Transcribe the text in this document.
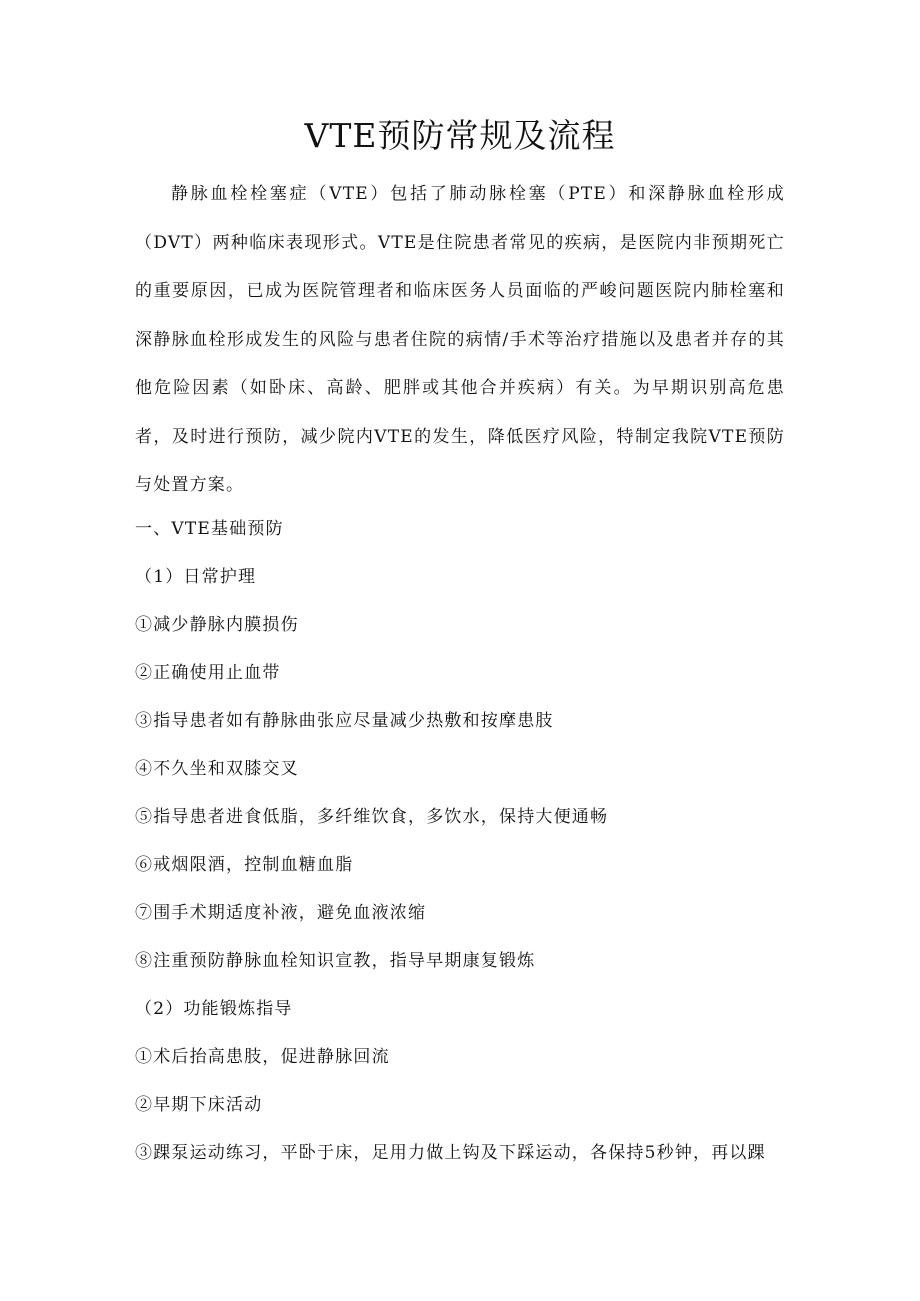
VTE预防常规及流程

静脉血栓栓塞症（VTE）包括了肺动脉栓塞（PTE）和深静脉血栓形成（DVT）两种临床表现形式。VTE是住院患者常见的疾病，是医院内非预期死亡的重要原因，已成为医院管理者和临床医务人员面临的严峻问题医院内肺栓塞和深静脉血栓形成发生的风险与患者住院的病情/手术等治疗措施以及患者并存的其他危险因素（如卧床、高龄、肥胖或其他合并疾病）有关。为早期识别高危患者，及时进行预防，减少院内VTE的发生，降低医疗风险，特制定我院VTE预防与处置方案。

一、VTE基础预防

（1）日常护理

①减少静脉内膜损伤

②正确使用止血带

③指导患者如有静脉曲张应尽量减少热敷和按摩患肢

④不久坐和双膝交叉

⑤指导患者进食低脂，多纤维饮食，多饮水，保持大便通畅

⑥戒烟限酒，控制血糖血脂

⑦围手术期适度补液，避免血液浓缩

⑧注重预防静脉血栓知识宣教，指导早期康复锻炼

（2）功能锻炼指导

①术后抬高患肢，促进静脉回流

②早期下床活动

③踝泵运动练习，平卧于床，足用力做上钩及下踩运动，各保持5秒钟，再以踝
